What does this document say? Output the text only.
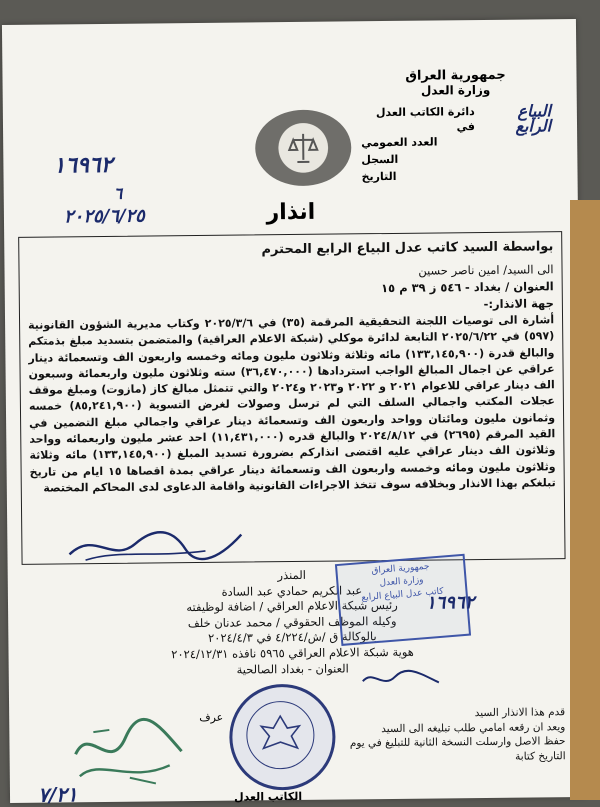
جمهورية العراق
وزارة العدل
دائرة الكاتب العدل في
البياع الرابع
العدد العمومي
السجل
التاريخ
١٦٩٦٢
٦
٢٠٢٥/٦/٢٥	انذار
بواسطة السيد كاتب عدل البياع الرابع المحترم

الى السيد/ امين ناصر حسين

العنوان / بغداد - ٥٤٦ ز ٣٩ م ١٥

جهة الانذار:-

أشارة الى توصيات اللجنة التحقيقية المرقمة (٣٥) في ٢٠٢٥/٣/٦ وكتاب مديرية الشؤون القانونية (٥٩٧) في ٢٠٢٥/٦/٢٢ التابعة لدائرة موكلي (شبكة الاعلام العراقية) والمتضمن بتسديد مبلغ بذمتكم والبالغ قدرة (١٣٣,١٤٥,٩٠٠) مائه وثلاثة وثلاثون مليون ومائه وخمسه واربعون الف وتسعمائة دينار عراقي عن اجمال المبالغ الواجب استردادها (٣٦,٤٧٠,٠٠٠) سته وثلاثون مليون واربعمائة وسبعون الف دينار عراقي للاعوام ٢٠٢١ و ٢٠٢٢ و٢٠٢٣ و٢٠٢٤ والتي تتمثل مبالغ كاز (مازوت) ومبلغ موقف عجلات المكتب واجمالي السلف التي لم ترسل وصولات لغرض التسوية (٨٥,٢٤١,٩٠٠) خمسه وثمانون مليون ومائتان وواحد واربعون الف وتسعمائة دينار عراقي واجمالي مبلغ التضمين في القيد المرقم (٢٦٩٥) في ٢٠٢٤/٨/١٢ والبالغ قدره (١١,٤٣١,٠٠٠) احد عشر مليون واربعمائه وواحد وثلاثون الف دينار عراقي عليه اقتضى انذاركم بضرورة تسديد المبلغ (١٣٣,١٤٥,٩٠٠) مائه وثلاثة وثلاثون مليون ومائه وخمسه واربعون الف وتسعمائة دينار عراقي بمدة اقصاها ١٥ ايام من تاريخ تبلغكم بهذا الانذار وبخلافه سوف تتخذ الاجراءات القانونية واقامة الدعاوى لدى المحاكم المختصة

المنذر
عبد الكريم حمادي عبد السادة
رئيس شبكة الاعلام العراقي / اضافة لوظيفته
وكيله الموظف الحقوقي / محمد عدنان خلف
بالوكالة ق /ش/٤/٢٢٤ في ٢٠٢٤/٤/٣
هوية شبكة الاعلام العراقي ٥٩٦٥ نافذه ٢٠٢٤/١٢/٣١
العنوان - بغداد الصالحية
جمهورية العراق
وزارة العدل
كاتب عدل البياع الرابع
١٦٩٦٢
عرف	قدم هذا الانذار السيد
ويعد ان رقعه امامي طلب تبليغه الى السيد
حفظ الاصل وارسلت النسخة الثانية للتبليغ في يوم
التاريخ كتابة
الكاتب العدل
٧/٢١
